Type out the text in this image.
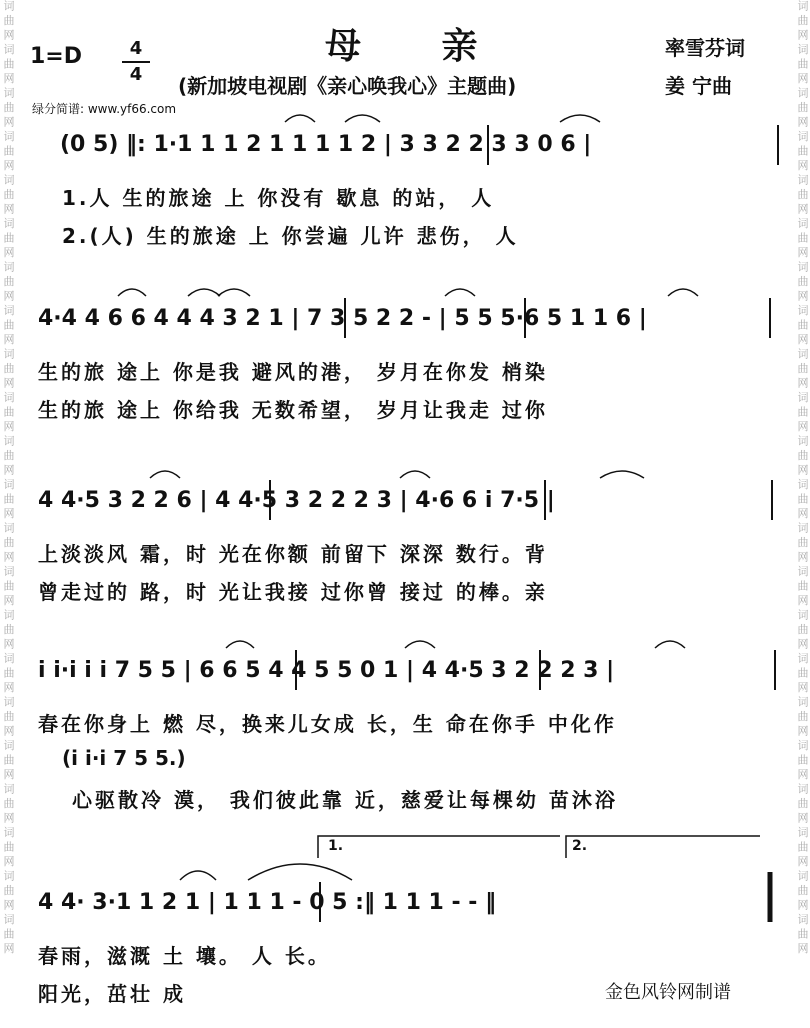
词 曲 网 词 曲 网 词 曲 网 词 曲 网 词 曲 网 词 曲 网 词 曲 网 词 曲 网 词 曲 网 词 曲 网 词 曲 网 词 曲 网 词 曲 网 词 曲 网 词 曲 网 词 曲 网 词 曲 网 词 曲 网 词 曲 网 词 曲 网 词 曲 网 词 曲 网	词 曲 网 词 曲 网 词 曲 网 词 曲 网 词 曲 网 词 曲 网 词 曲 网 词 曲 网 词 曲 网 词 曲 网 词 曲 网 词 曲 网 词 曲 网 词 曲 网 词 曲 网 词 曲 网 词 曲 网 词 曲 网 词 曲 网 词 曲 网 词 曲 网 词 曲 网
母 亲
1=D	4
4	(新加坡电视剧《亲心唤我心》主题曲)
率雪芬词
姜 宁曲
绿分简谱: www.yf66.com
(0 5) ‖: 1·1 1 1 2 1 1 1 1 2 | 3 3 2 2 3 3 0 6 |
1.人 生的旅途 上 你没有 歇息 的站， 人
2.(人) 生的旅途 上 你尝遍 儿许 悲伤， 人
4·4 4 6 6 4 4 4 3 2 1 | 7 3 5 2 2 - | 5 5 5·6 5 1 1 6 |
生的旅 途上 你是我 避风的港， 岁月在你发 梢染
生的旅 途上 你给我 无数希望， 岁月让我走 过你
4 4·5 3 2 2 6 | 4 4·5 3 2 2 2 3 | 4·6 6 i 7·5 |
上淡淡风 霜，时 光在你额 前留下 深深 数行。背
曾走过的 路，时 光让我接 过你曾 接过 的棒。亲
i i·i i i 7 5 5 | 6 6 5 4 4 5 5 0 1 | 4 4·5 3 2 2 2 3 |
春在你身上 燃 尽，换来儿女成 长，生 命在你手 中化作
(i i·i 7 5 5.)
心驱散冷 漠， 我们彼此靠 近，慈爱让每棵幼 苗沐浴
4 4· 3·1 1 2 1 | 1 1 1 - 0 5 :‖ 1 1 1 - - ‖
春雨，滋溉 土 壤。 人 长。
阳光，茁壮 成
1.	2.
金色风铃网制谱
